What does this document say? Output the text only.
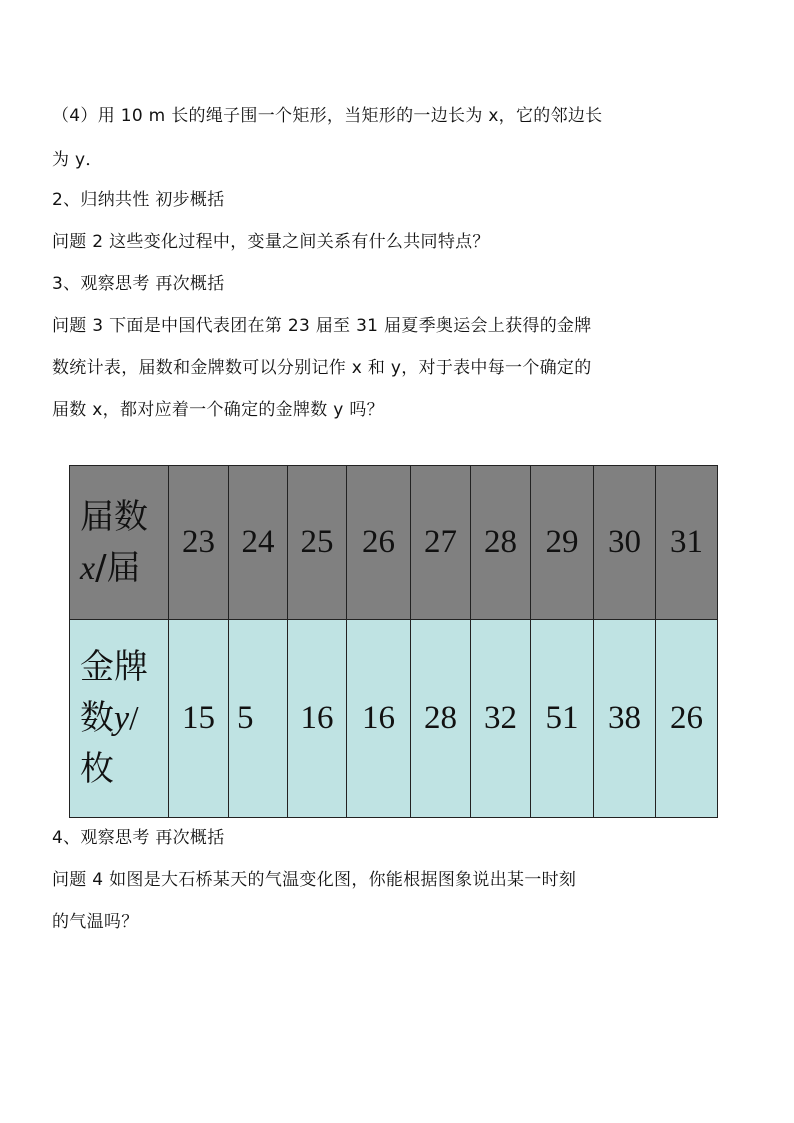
（4）用 10 m 长的绳子围一个矩形，当矩形的一边长为 x，它的邻边长
为 y．
2、归纳共性 初步概括
问题 2 这些变化过程中，变量之间关系有什么共同特点？
3、观察思考 再次概括
问题 3 下面是中国代表团在第 23 届至 31 届夏季奥运会上获得的金牌
数统计表，届数和金牌数可以分别记作 x 和 y，对于表中每一个确定的
届数 x，都对应着一个确定的金牌数 y 吗？
届数
x/届	23	24	25	26	27	28	29	30	31
金牌
数y/
枚	15	5	16	16	28	32	51	38	26
4、观察思考 再次概括
问题 4 如图是大石桥某天的气温变化图，你能根据图象说出某一时刻
的气温吗？
